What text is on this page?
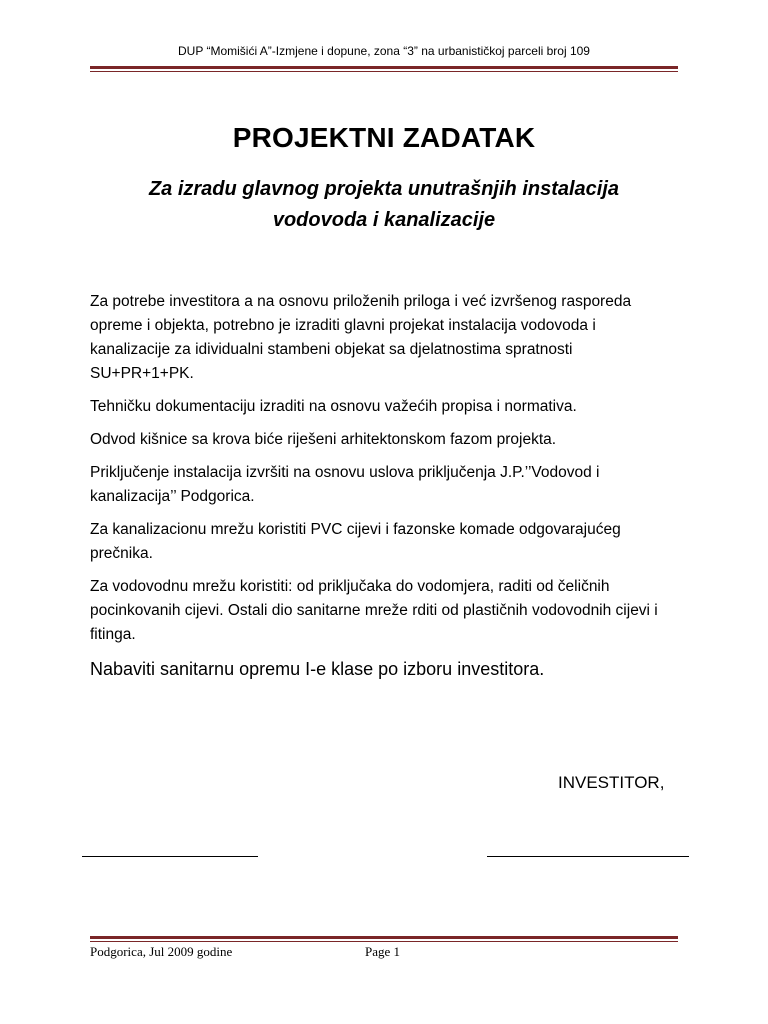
DUP “Momišići A”-Izmjene i dopune, zona “3” na urbanističkoj parceli broj 109
PROJEKTNI ZADATAK
Za izradu glavnog projekta unutrašnjih instalacija
vodovoda i kanalizacije

Za potrebe investitora a na osnovu priloženih priloga i već izvršenog rasporeda opreme i objekta, potrebno je izraditi glavni projekat instalacija vodovoda i kanalizacije za idividualni stambeni objekat sa djelatnostima spratnosti SU+PR+1+PK.

Tehničku dokumentaciju izraditi na osnovu važećih propisa i normativa.

Odvod kišnice sa krova biće riješeni arhitektonskom fazom projekta.

Priključenje instalacija izvršiti na osnovu uslova priključenja J.P.’’Vodovod i kanalizacija’’ Podgorica.

Za kanalizacionu mrežu koristiti PVC cijevi i fazonske komade odgovarajućeg prečnika.

Za vodovodnu mrežu koristiti: od priključaka do vodomjera, raditi od čeličnih pocinkovanih cijevi. Ostali dio sanitarne mreže rditi od plastičnih vodovodnih cijevi i fitinga.

Nabaviti sanitarnu opremu I-e klase po izboru investitora.

INVESTITOR,
Podgorica, Jul 2009 godine	Page 1
